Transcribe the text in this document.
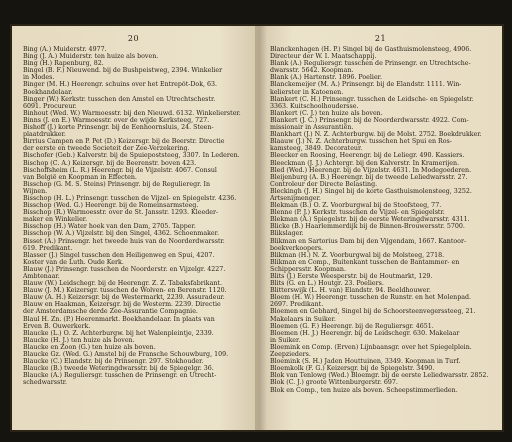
20
Bing (A.) Muiderstr. 4977.
Bing (J. A.) Muiderstr. ten huize als boven.
Bing (H.) Rapenburg, 82.
Bingel (B. F.) Nieuwend. bij de Bushpeistweg, 2394. Winkelier
in Modes.
Binger (M. H.) Heerengr. schuins over het Entrepôt-Dok, 63.
Boekhandelaar.
Binger (W.) Kerkstr. tusschen den Amstel en Utrechtschestr.
6091. Procureur.
Binhout (Wed. W.) Warmoesstr. bij den Nieuwd. 6132. Winkelierster.
Binns (J. en E.) Warmoesstr. over de wijde Kerksteeg, 727.
Bishoff (J.) korte Prinsengr. bij de Eenhoornsluis, 24. Steen-
plaatdrukker.
Birrius Campen en P. Pet (D.) Keizersgr. bij de Beerstr. Directie
der eerste en tweede Societeit der Zee-Verzekering.
Bischofer (Geb.) Kalverstr. bij de Spuiepoststeeg, 3307. In Lederen.
Bischop (C. A.) Keizersgr. bij de Beerenstr. boven 423.
Bischoffsheim (L. R.) Heerengr. bij de Vijzelstr. 4067. Consul
van België en Koopman in Effecten.
Bisschop (G. M. S. Steins) Prinsengr. bij de Regulieregr. In
Wijnen.
Bisschop (H. L.) Prinsengr. tusschen de Vijzel- en Spiegelstr. 4236.
Bisschop (Wed. G.) Heerengr. bij de Romeinsarmsteeg.
Bisschop (R.) Warmoesstr. over de St. Jansstr. 1293. Kleeder-
maker en Winkelier.
Bisschop (H.) Water hoek van den Dam, 2705. Tapper.
Bisschop (W. A.) Vijzelstr. bij den Singel, 4362. Schoenmaker.
Bisset (A.) Prinsengr. het tweede huis van de Noorderdwarsstr.
619. Predikant.
Blasser (J.) Singel tusschen den Heiligenweg en Spui, 4207.
Koster van de Luth. Oude Kerk.
Blauw (J.) Prinsengr. tusschen de Noorderstr. en Vijzelgr. 4227.
Ambtenaar.
Blauw (W.) Leidschegr. bij de Heerengr. Z. Z. Tabaksfabrikant.
Blauw (J. M.) Keizersgr. tusschen de Wolven- en Berenstr. 1120.
Blauw (A. H.) Keizersgr. bij de Westermarkt, 2239. Assuradeur.
Blauw en Haakman, Keizersgr. bij de Westerm. 2239. Directie
der Amsterdamsche derde Zee-Assurantie Compagnie.
Blaul H. Zn. (P.) Heerenmarkt. Boekhandelaar. In plaats van
Erven B. Ouwerkerk.
Blaucke (L.) O. Z. Achterburgw. bij het Walenpleintje, 2339.
Blaucke (H. J.) ten huize als boven.
Blaucke en Zoon (G.) ten huize als boven.
Blaucke Gz. (Wed. G.) Amstel bij de Fransche Schouwburg, 109.
Blaucke (C.) Elandstr. bij de Prinsengr. 297. Stokhouder.
Blaucke (B.) tweede Weteringdwarsstr. bij de Spiegelgr. 36.
Blaucke (A.) Reguliersgr. tusschen de Prinsengr. en Utrecht-
schedwarsstr.
21
Blanckenhagen (H. P.) Singel bij de Gasthuismolensteeg, 4906.
Directeur der W. I. Maatschappij.
Blank (A.) Reguliersgr. tusschen de Prinsengr. en Utrechtsche-
dwarsstr. 5642. Koopman.
Blank (A.) Hartenstr. 1896. Poelier.
Blanckemeijer (M. A.) Prinsengr. bij de Elandstr. 1111. Win-
kelierster in Katoenen.
Blankert (C. H.) Prinsengr. tusschen de Leidsche- en Spiegelstr.
3363. Kuitschoolhoudersse.
Blankert (C. J.) ten huize als boven.
Blankert (J. C.) Prinsengr. bij de Noorderdwarsstr. 4922. Com-
missionair in Assurantiën.
Blankhart (J.) N. Z. Achterburgw. bij de Molst. 2752. Boekdrukker.
Blaauw (J.) N. Z. Achterburgw. tusschen het Spui en Ros-
kamsteeg, 3849. Decorateur.
Bleecker en Roosing, Heerengr. bij de Leliegr. 490. Kassiers.
Bleeckman (J. J.) Achtergr. bij den Kalverstr. In Kramerijen.
Bled (Wed.) Heerengr. bij de Vijzelstr. 4631. In Modegoederen.
Bleijenburg (A. B.) Heerengr. bij de tweede Leliedwarsstr. 27.
Controleur der Directe Belasting.
Bleckingh (J. H.) Singel bij de korte Gasthuismolensteeg, 3252.
Artsenijmenger.
Blekman (B.) O. Z. Voorburgwal bij de Stoofsteeg, 77.
Blenne (P. J.) Kerkstr. tusschen de Vijzel- en Spiegelstr.
Blekman (A.) Spiegelstr. bij de eerste Weteringdwarsstr. 4311.
Blicke (B.) Haarlemmerdijk bij de Binnen-Brouwersstr. 5700.
Blikslager.
Blikman en Sartorius Dam bij den Vijgendam, 1667. Kantoor-
boekverkoopers.
Blikman (H.) N. Z. Voorburgwal bij de Molsteeg, 2718.
Blikman en Comp., Buitenkant tusschen de Bantammer- en
Schippersstr. Koopman.
Blits (J.) Eerste Weesperstr. bij de Houtmarkt, 129.
Blits (G. en L.) Houtgr. 23. Poeliers.
Blitterswijk (L. H. van) Elandstr. 94. Beeldhouwer.
Bloem (H. W.) Heerengr. tusschen de Runstr. en het Molenpad.
2697. Predikant.
Bloemen en Gebhard, Singel bij de Schoorsteenvegerssteeg, 21.
Makelaars in Suiker.
Bloemen (G. F.) Heerengr. bij de Reguliersgr. 4651.
Bloemen (H. J.) Heerengr. bij de Leidschegr. 630. Makelaar
in Suiker.
Bloemink en Comp. (Erven) Lijnbaansgr. over het Spiegelplein.
Zeepzieders.
Bloemink (S. H.) Jaden Houttuinen, 3349. Koopman in Turf.
Bloemkolk (F. G.) Keizersgr. bij de Spiegelstr. 3490.
Blok van Tenlowg (Wed.) Bloemgr. bij de eerste Leliedwarsstr. 2852.
Blok (C. J.) groote Wittenburgerstr. 697.
Blok en Comp., ten huize als boven. Scheepstimmerlieden.
